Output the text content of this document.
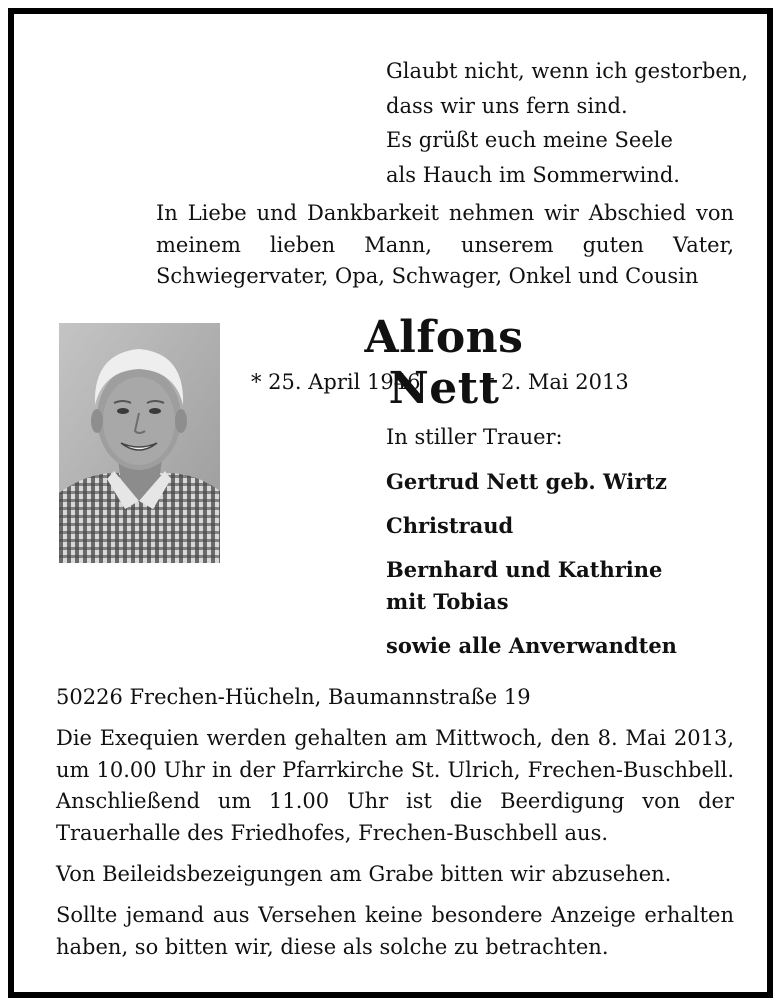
Glaubt nicht, wenn ich gestorben,
dass wir uns fern sind.
Es grüßt euch meine Seele
als Hauch im Sommerwind.
In Liebe und Dankbarkeit nehmen wir Abschied von meinem lieben Mann, unserem guten Vater, Schwiegervater, Opa, Schwager, Onkel und Cousin
Alfons Nett
* 25. April 1946	† 2. Mai 2013
In stiller Trauer:
Gertrud Nett geb. Wirtz
Christraud
Bernhard und Kathrine
mit Tobias
sowie alle Anverwandten
50226 Frechen-Hücheln, Baumannstraße 19
Die Exequien werden gehalten am Mittwoch, den 8. Mai 2013, um 10.00 Uhr in der Pfarrkirche St. Ulrich, Frechen-Buschbell. Anschließend um 11.00 Uhr ist die Beerdigung von der Trauerhalle des Friedhofes, Frechen-Buschbell aus.
Von Beileidsbezeigungen am Grabe bitten wir abzusehen.
Sollte jemand aus Versehen keine besondere Anzeige erhalten haben, so bitten wir, diese als solche zu betrachten.
